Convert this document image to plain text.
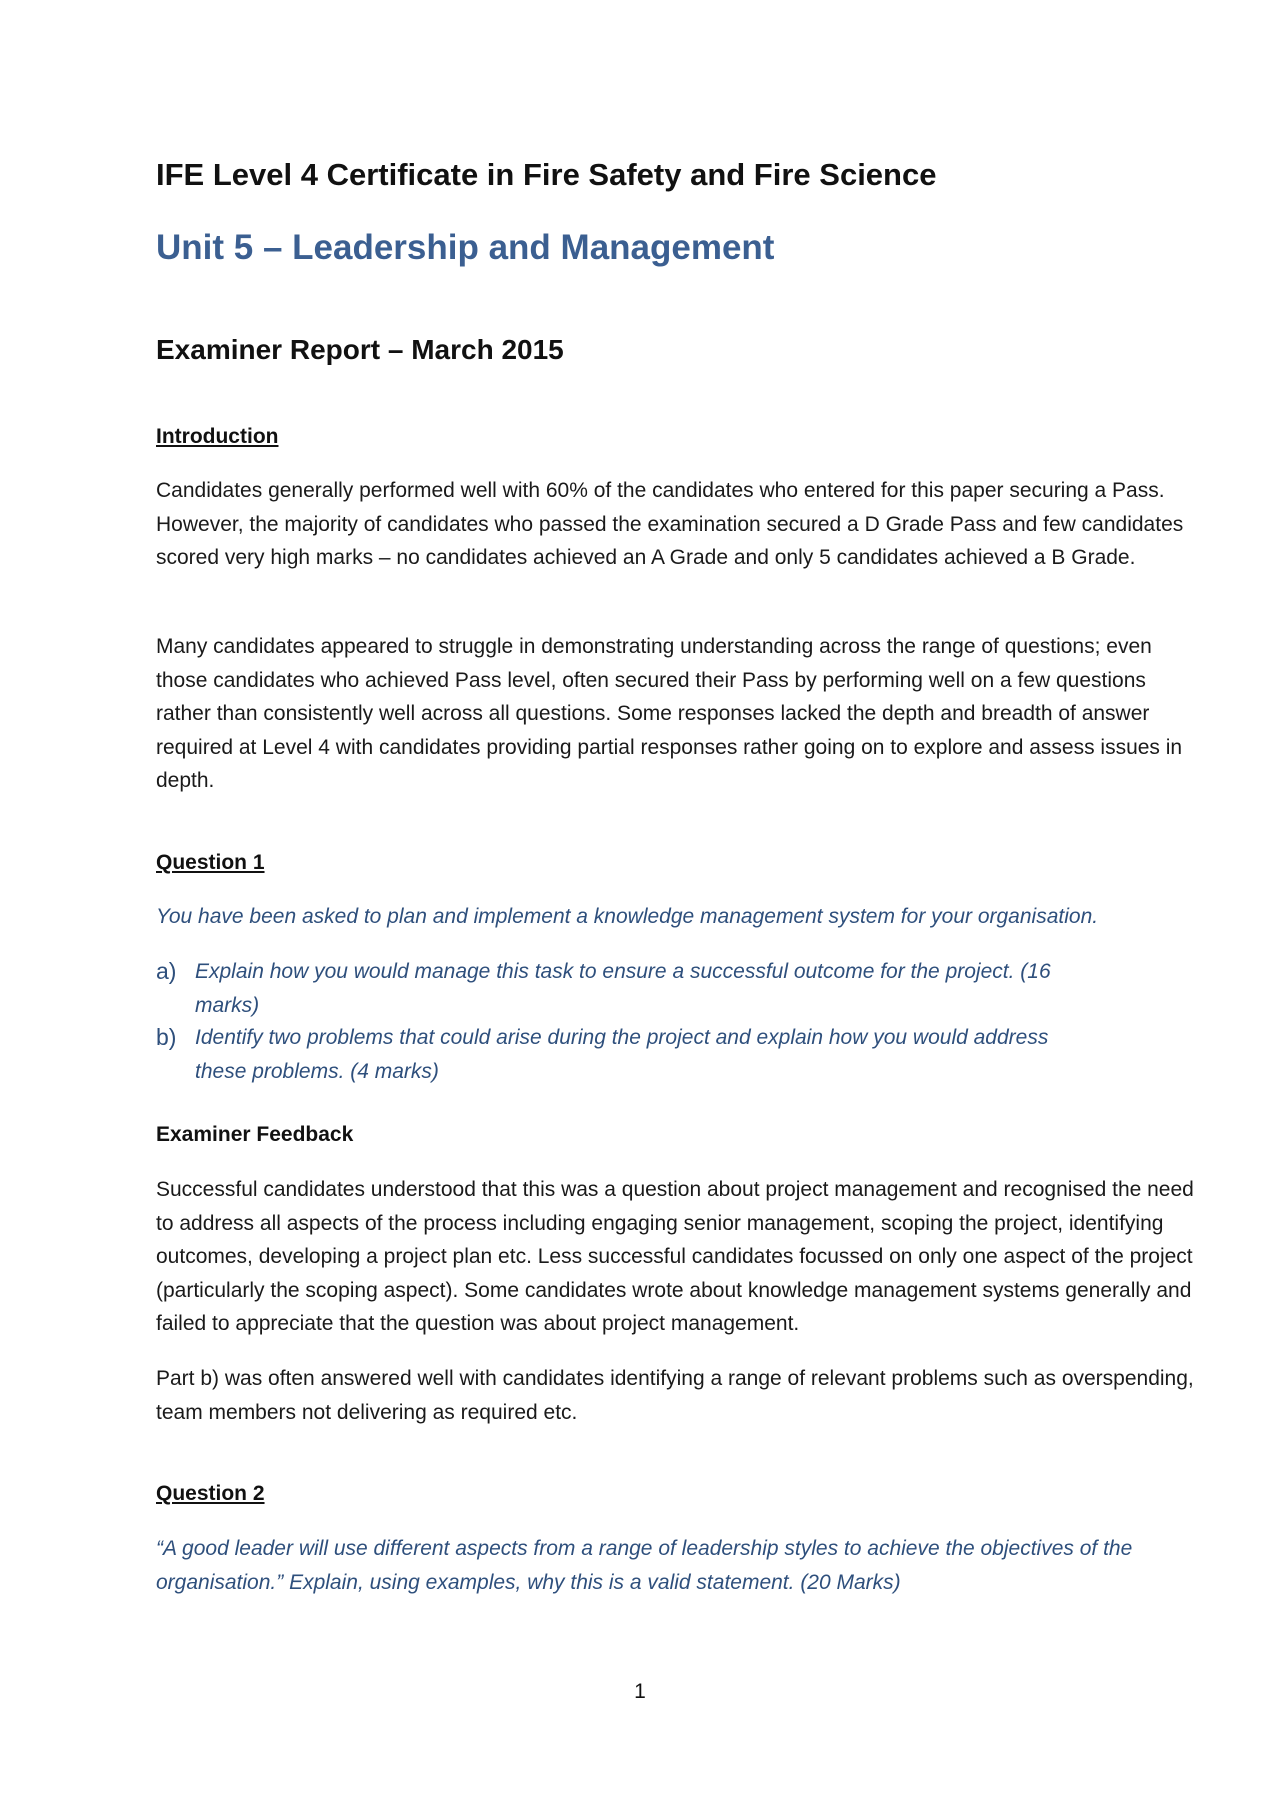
IFE Level 4 Certificate in Fire Safety and Fire Science
Unit 5 – Leadership and Management
Examiner Report – March 2015
Introduction

Candidates generally performed well with 60% of the candidates who entered for this paper securing a Pass. However, the majority of candidates who passed the examination secured a D Grade Pass and few candidates scored very high marks – no candidates achieved an A Grade and only 5 candidates achieved a B Grade.

Many candidates appeared to struggle in demonstrating understanding across the range of questions; even those candidates who achieved Pass level, often secured their Pass by performing well on a few questions rather than consistently well across all questions. Some responses lacked the depth and breadth of answer required at Level 4 with candidates providing partial responses rather going on to explore and assess issues in depth.

Question 1

You have been asked to plan and implement a knowledge management system for your organisation.

a) Explain how you would manage this task to ensure a successful outcome for the project. (16 marks)
b) Identify two problems that could arise during the project and explain how you would address these problems. (4 marks)
Examiner Feedback

Successful candidates understood that this was a question about project management and recognised the need to address all aspects of the process including engaging senior management, scoping the project, identifying outcomes, developing a project plan etc. Less successful candidates focussed on only one aspect of the project (particularly the scoping aspect). Some candidates wrote about knowledge management systems generally and failed to appreciate that the question was about project management.

Part b) was often answered well with candidates identifying a range of relevant problems such as overspending, team members not delivering as required etc.

Question 2

“A good leader will use different aspects from a range of leadership styles to achieve the objectives of the organisation.” Explain, using examples, why this is a valid statement. (20 Marks)

1
